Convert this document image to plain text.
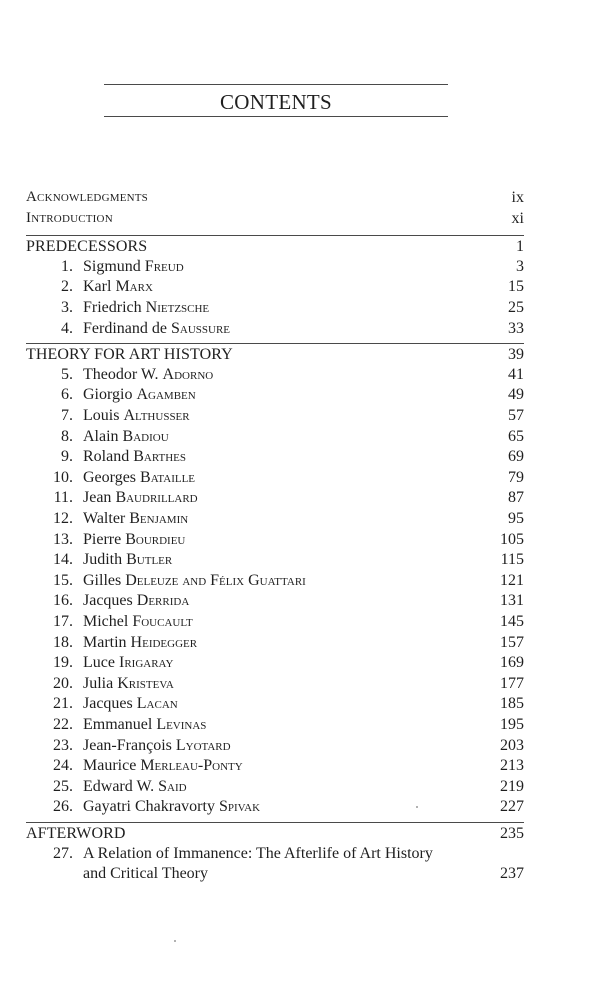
CONTENTS
Acknowledgments	ix
Introduction	xi
PREDECESSORS	1
1. Sigmund Freud	3
2. Karl Marx	15
3. Friedrich Nietzsche	25
4. Ferdinand de Saussure	33
THEORY FOR ART HISTORY	39
5. Theodor W. Adorno	41
6. Giorgio Agamben	49
7. Louis Althusser	57
8. Alain Badiou	65
9. Roland Barthes	69
10. Georges Bataille	79
11. Jean Baudrillard	87
12. Walter Benjamin	95
13. Pierre Bourdieu	105
14. Judith Butler	115
15. Gilles Deleuze and Félix Guattari	121
16. Jacques Derrida	131
17. Michel Foucault	145
18. Martin Heidegger	157
19. Luce Irigaray	169
20. Julia Kristeva	177
21. Jacques Lacan	185
22. Emmanuel Levinas	195
23. Jean-François Lyotard	203
24. Maurice Merleau-Ponty	213
25. Edward W. Said	219
26. Gayatri Chakravorty Spivak	227
AFTERWORD	235
27. A Relation of Immanence: The Afterlife of Art History
and Critical Theory	237
